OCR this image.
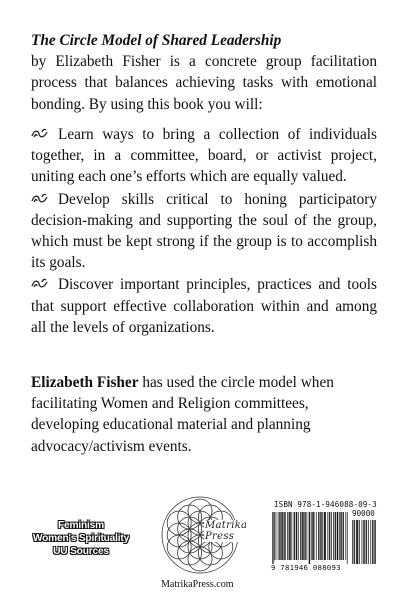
The Circle Model of Shared Leadership
by Elizabeth Fisher is a concrete group facilitation process that balances achieving tasks with emotional bonding. By using this book you will:

Learn ways to bring a collection of individuals together, in a committee, board, or activist project, uniting each one’s efforts which are equally valued.

Develop skills critical to honing participatory decision-making and supporting the soul of the group, which must be kept strong if the group is to accomplish its goals.

Discover important principles, practices and tools that support effective collaboration within and among all the levels of organizations.

Elizabeth Fisher has used the circle model when facilitating Women and Religion committees, developing educational material and planning advocacy/activism events.
Feminism
Women's Spirituality
UU Sources
Matrika Press
MatrikaPress.com
ISBN 978-1-946088-09-3
90000
9 781946 088093
